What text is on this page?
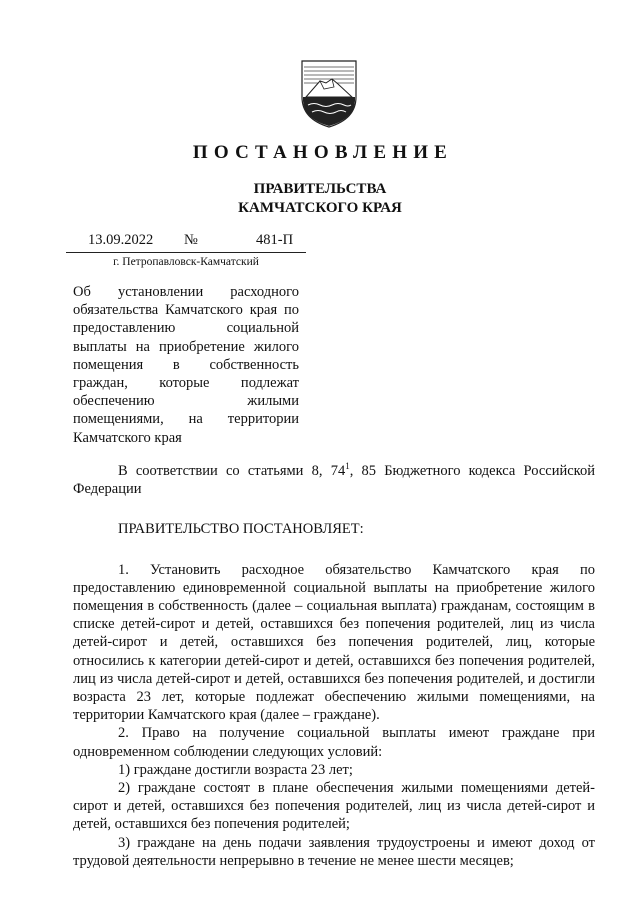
ПОСТАНОВЛЕНИЕ
ПРАВИТЕЛЬСТВА
КАМЧАТСКОГО КРАЯ
13.09.2022 №	481-П
г. Петропавловск-Камчатский
Об установлении расходного обязательства Камчатского края по предоставлению социальной выплаты на приобретение жилого помещения в собственность граждан, которые подлежат обеспечению жилыми помещениями, на территории Камчатского края

В соответствии со статьями 8, $74^1$, 85 Бюджетного кодекса Российской Федерации

ПРАВИТЕЛЬСТВО ПОСТАНОВЛЯЕТ:

1. Установить расходное обязательство Камчатского края по предоставлению единовременной социальной выплаты на приобретение жилого помещения в собственность (далее – социальная выплата) гражданам, состоящим в списке детей-сирот и детей, оставшихся без попечения родителей, лиц из числа детей-сирот и детей, оставшихся без попечения родителей, лиц, которые относились к категории детей-сирот и детей, оставшихся без попечения родителей, лиц из числа детей-сирот и детей, оставшихся без попечения родителей, и достигли возраста 23 лет, которые подлежат обеспечению жилыми помещениями, на территории Камчатского края (далее – граждане).

2. Право на получение социальной выплаты имеют граждане при одновременном соблюдении следующих условий:

1) граждане достигли возраста 23 лет;

2) граждане состоят в плане обеспечения жилыми помещениями детей-сирот и детей, оставшихся без попечения родителей, лиц из числа детей-сирот и детей, оставшихся без попечения родителей;

3) граждане на день подачи заявления трудоустроены и имеют доход от трудовой деятельности непрерывно в течение не менее шести месяцев;
